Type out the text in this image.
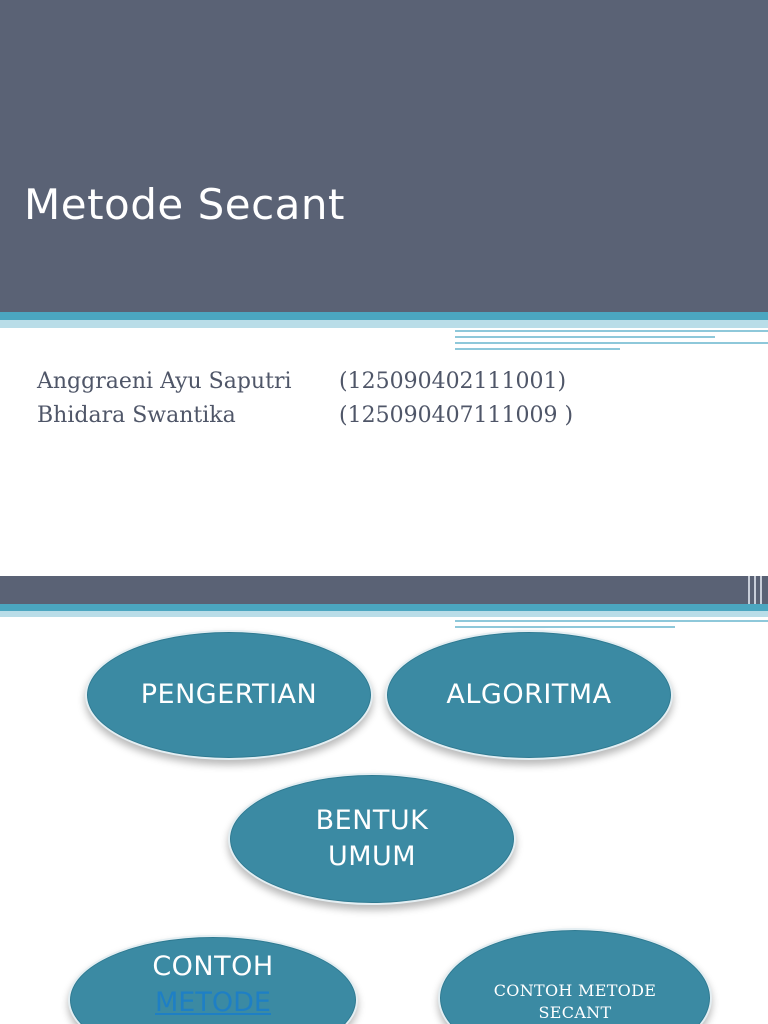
Metode Secant
Anggraeni Ayu Saputri	(125090402111001)
Bhidara Swantika	(125090407111009 )
PENGERTIAN	ALGORITMA
BENTUK
UMUM
CONTOH
METODE	CONTOH METODE
SECANT
